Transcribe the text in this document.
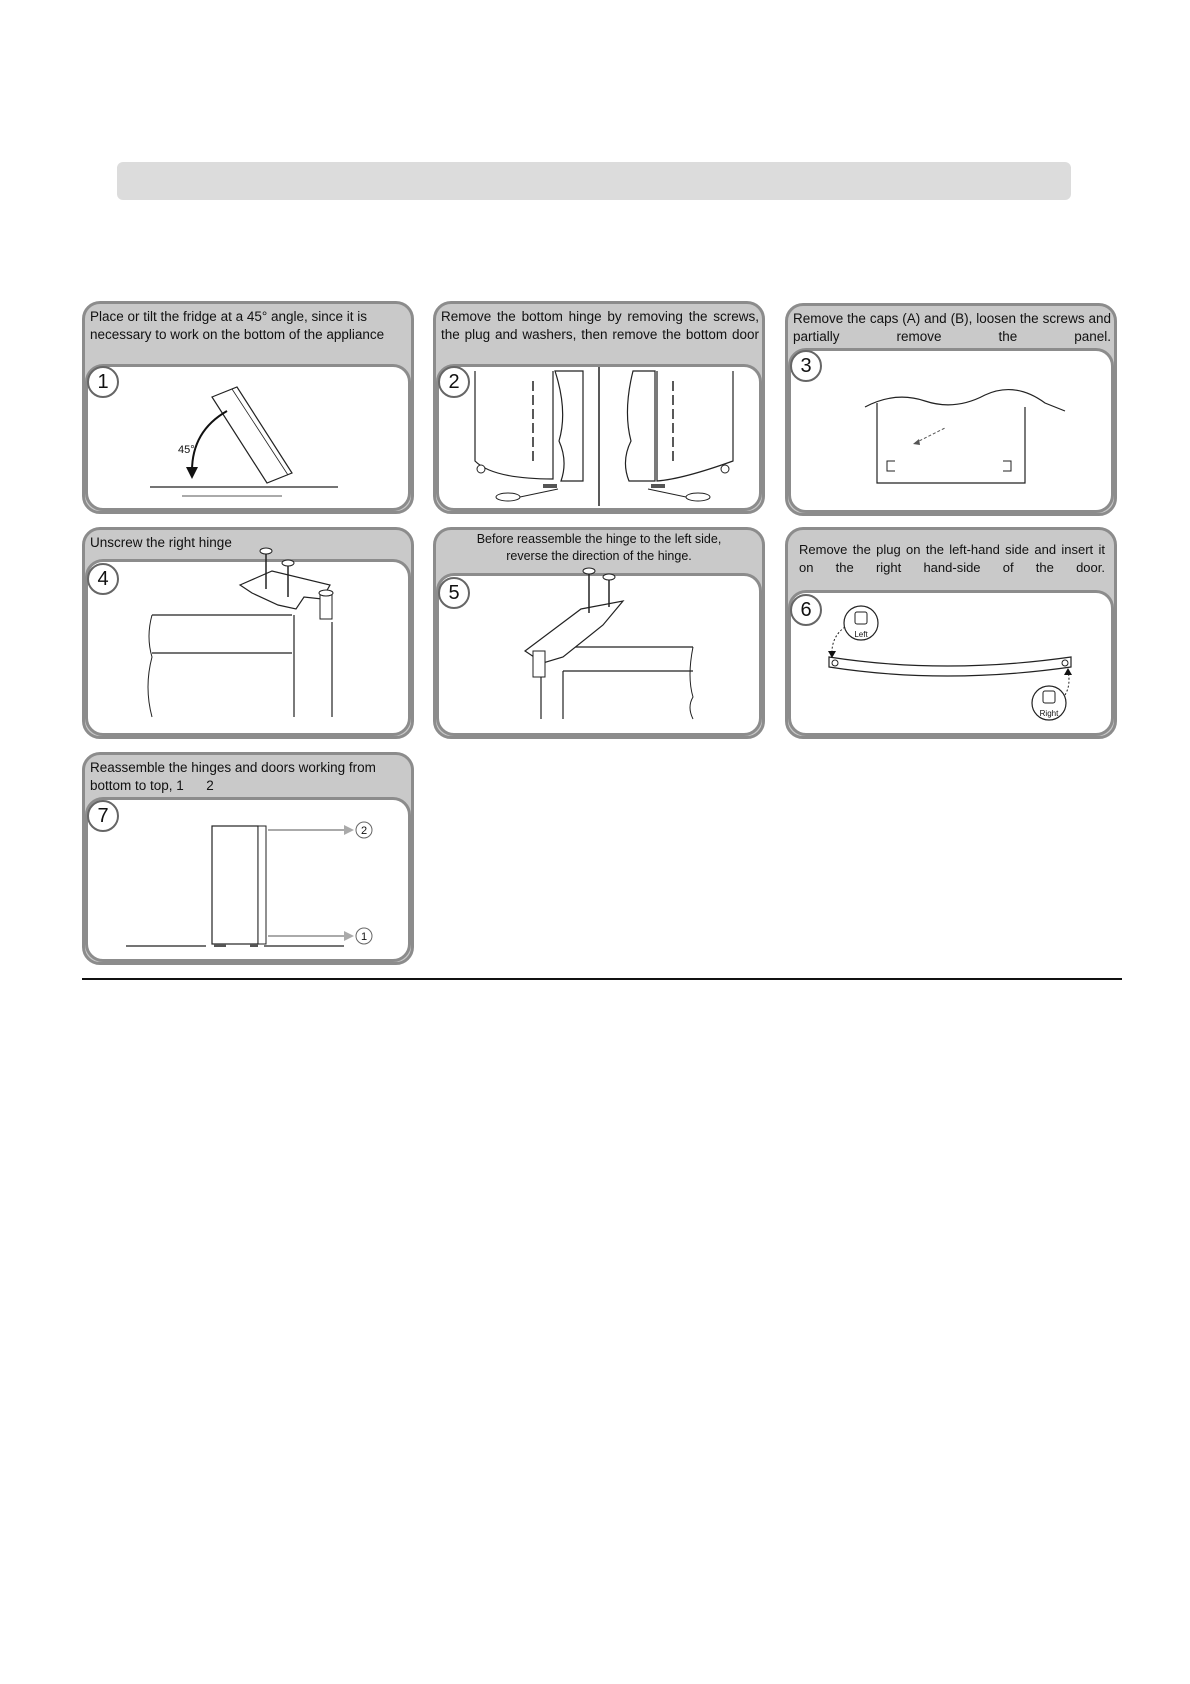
Place or tilt the fridge at a 45° angle, since it is necessary to work on the bottom of the appliance
1
45°
Remove the bottom hinge by removing the screws, the plug and washers, then remove the bottom door
2
Remove the caps (A) and (B), loosen the screws and partially remove the panel.
3
Unscrew the right hinge
4
Before reassemble the hinge to the left side, reverse the direction of the hinge.
5
Remove the plug on the left-hand side and insert it on the right hand-side of the door.
6
Left
Right
Reassemble the hinges and doors working from bottom to top, 1      2
7
2
1
